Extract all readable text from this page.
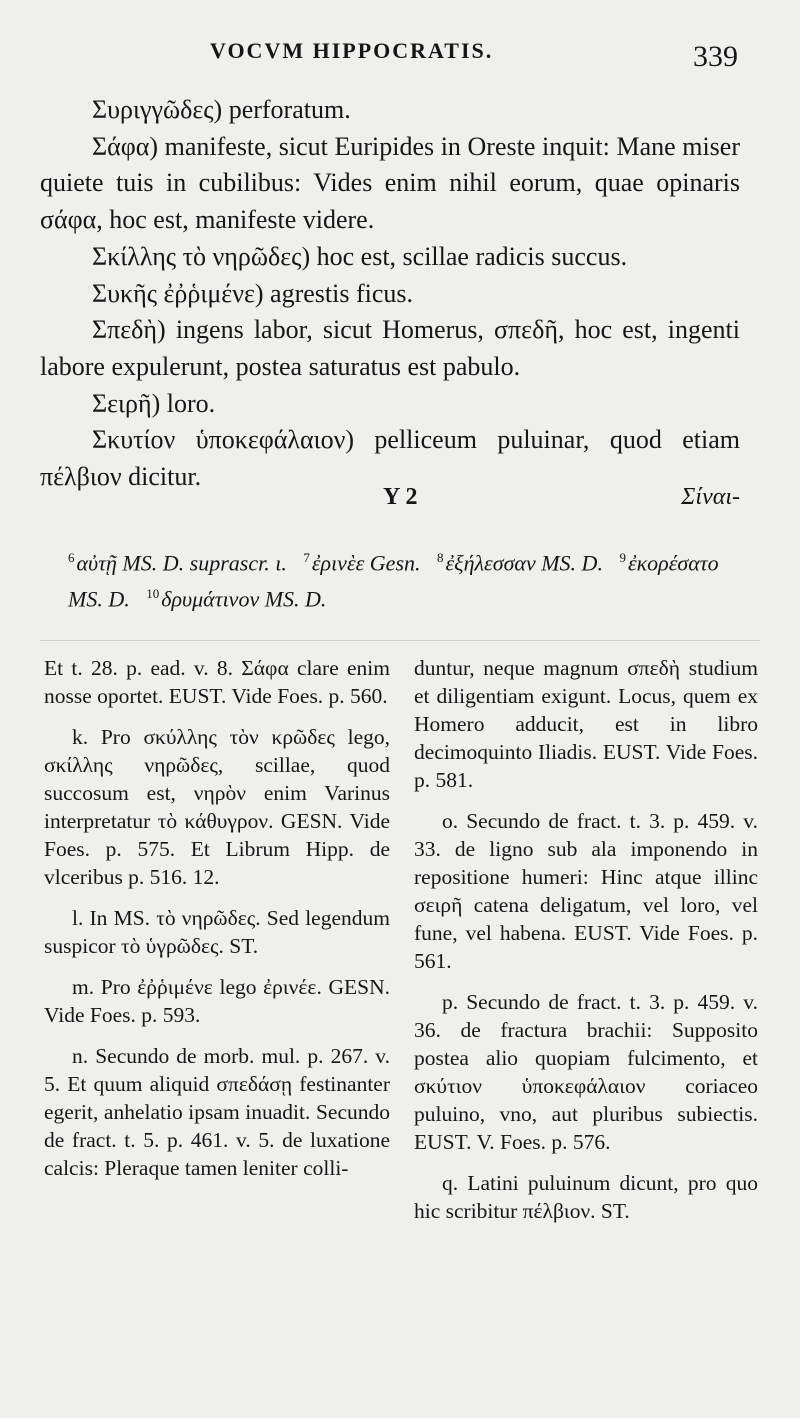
VOCVM HIPPOCRATIS.	339

Συριγγῶδες) perforatum.

Σάφα) manifeste, sicut Euripides in Oreste inquit: Mane miser quiete tuis in cubilibus: Vides enim nihil eorum, quae opinaris σάφα, hoc est, manifeste videre.

Σκίλλης τὸ νηρῶδες) hoc est, scillae radicis succus.

Συκῆς ἐῤῥιμένε) agrestis ficus.

Σπεδὴ) ingens labor, sicut Homerus, σπεδῆ, hoc est, ingenti labore expulerunt, postea saturatus est pabulo.

Σειρῆ) loro.

Σκυτίον ὑποκεφάλαιον) pelliceum puluinar, quod etiam πέλβιον dicitur.

Y 2	Σίναι-

$^6$αὐτῇ MS. D. suprascr. ι. $^7$ἐρινὲε Gesn. $^8$ἐξήλεσσαν MS. D. $^9$ἐκορέσατο MS. D. $^{10}$δρυμάτινον MS. D.

Et t. 28. p. ead. v. 8. Σάφα clare enim nosse oportet. EUST. Vide Foes. p. 560.

k. Pro σκύλλης τὸν κρῶδες lego, σκίλλης νηρῶδες, scillae, quod succosum est, νηρὸν enim Varinus interpretatur τὸ κάθυγρον. GESN. Vide Foes. p. 575. Et Librum Hipp. de vlceribus p. 516. 12.

l. In MS. τὸ νηρῶδες. Sed legendum suspicor τὸ ὑγρῶδες. ST.

m. Pro ἐῤῥιμένε lego ἐρινέε. GESN. Vide Foes. p. 593.

n. Secundo de morb. mul. p. 267. v. 5. Et quum aliquid σπεδάσῃ festinanter egerit, anhelatio ipsam inuadit. Secundo de fract. t. 5. p. 461. v. 5. de luxatione calcis: Pleraque tamen leniter colli-

duntur, neque magnum σπεδὴ studium et diligentiam exigunt. Locus, quem ex Homero adducit, est in libro decimoquinto Iliadis. EUST. Vide Foes. p. 581.

o. Secundo de fract. t. 3. p. 459. v. 33. de ligno sub ala imponendo in repositione humeri: Hinc atque illinc σειρῆ catena deligatum, vel loro, vel fune, vel habena. EUST. Vide Foes. p. 561.

p. Secundo de fract. t. 3. p. 459. v. 36. de fractura brachii: Supposito postea alio quopiam fulcimento, et σκύτιον ὑποκεφάλαιον coriaceo puluino, vno, aut pluribus subiectis. EUST. V. Foes. p. 576.

q. Latini puluinum dicunt, pro quo hic scribitur πέλβιον. ST.
